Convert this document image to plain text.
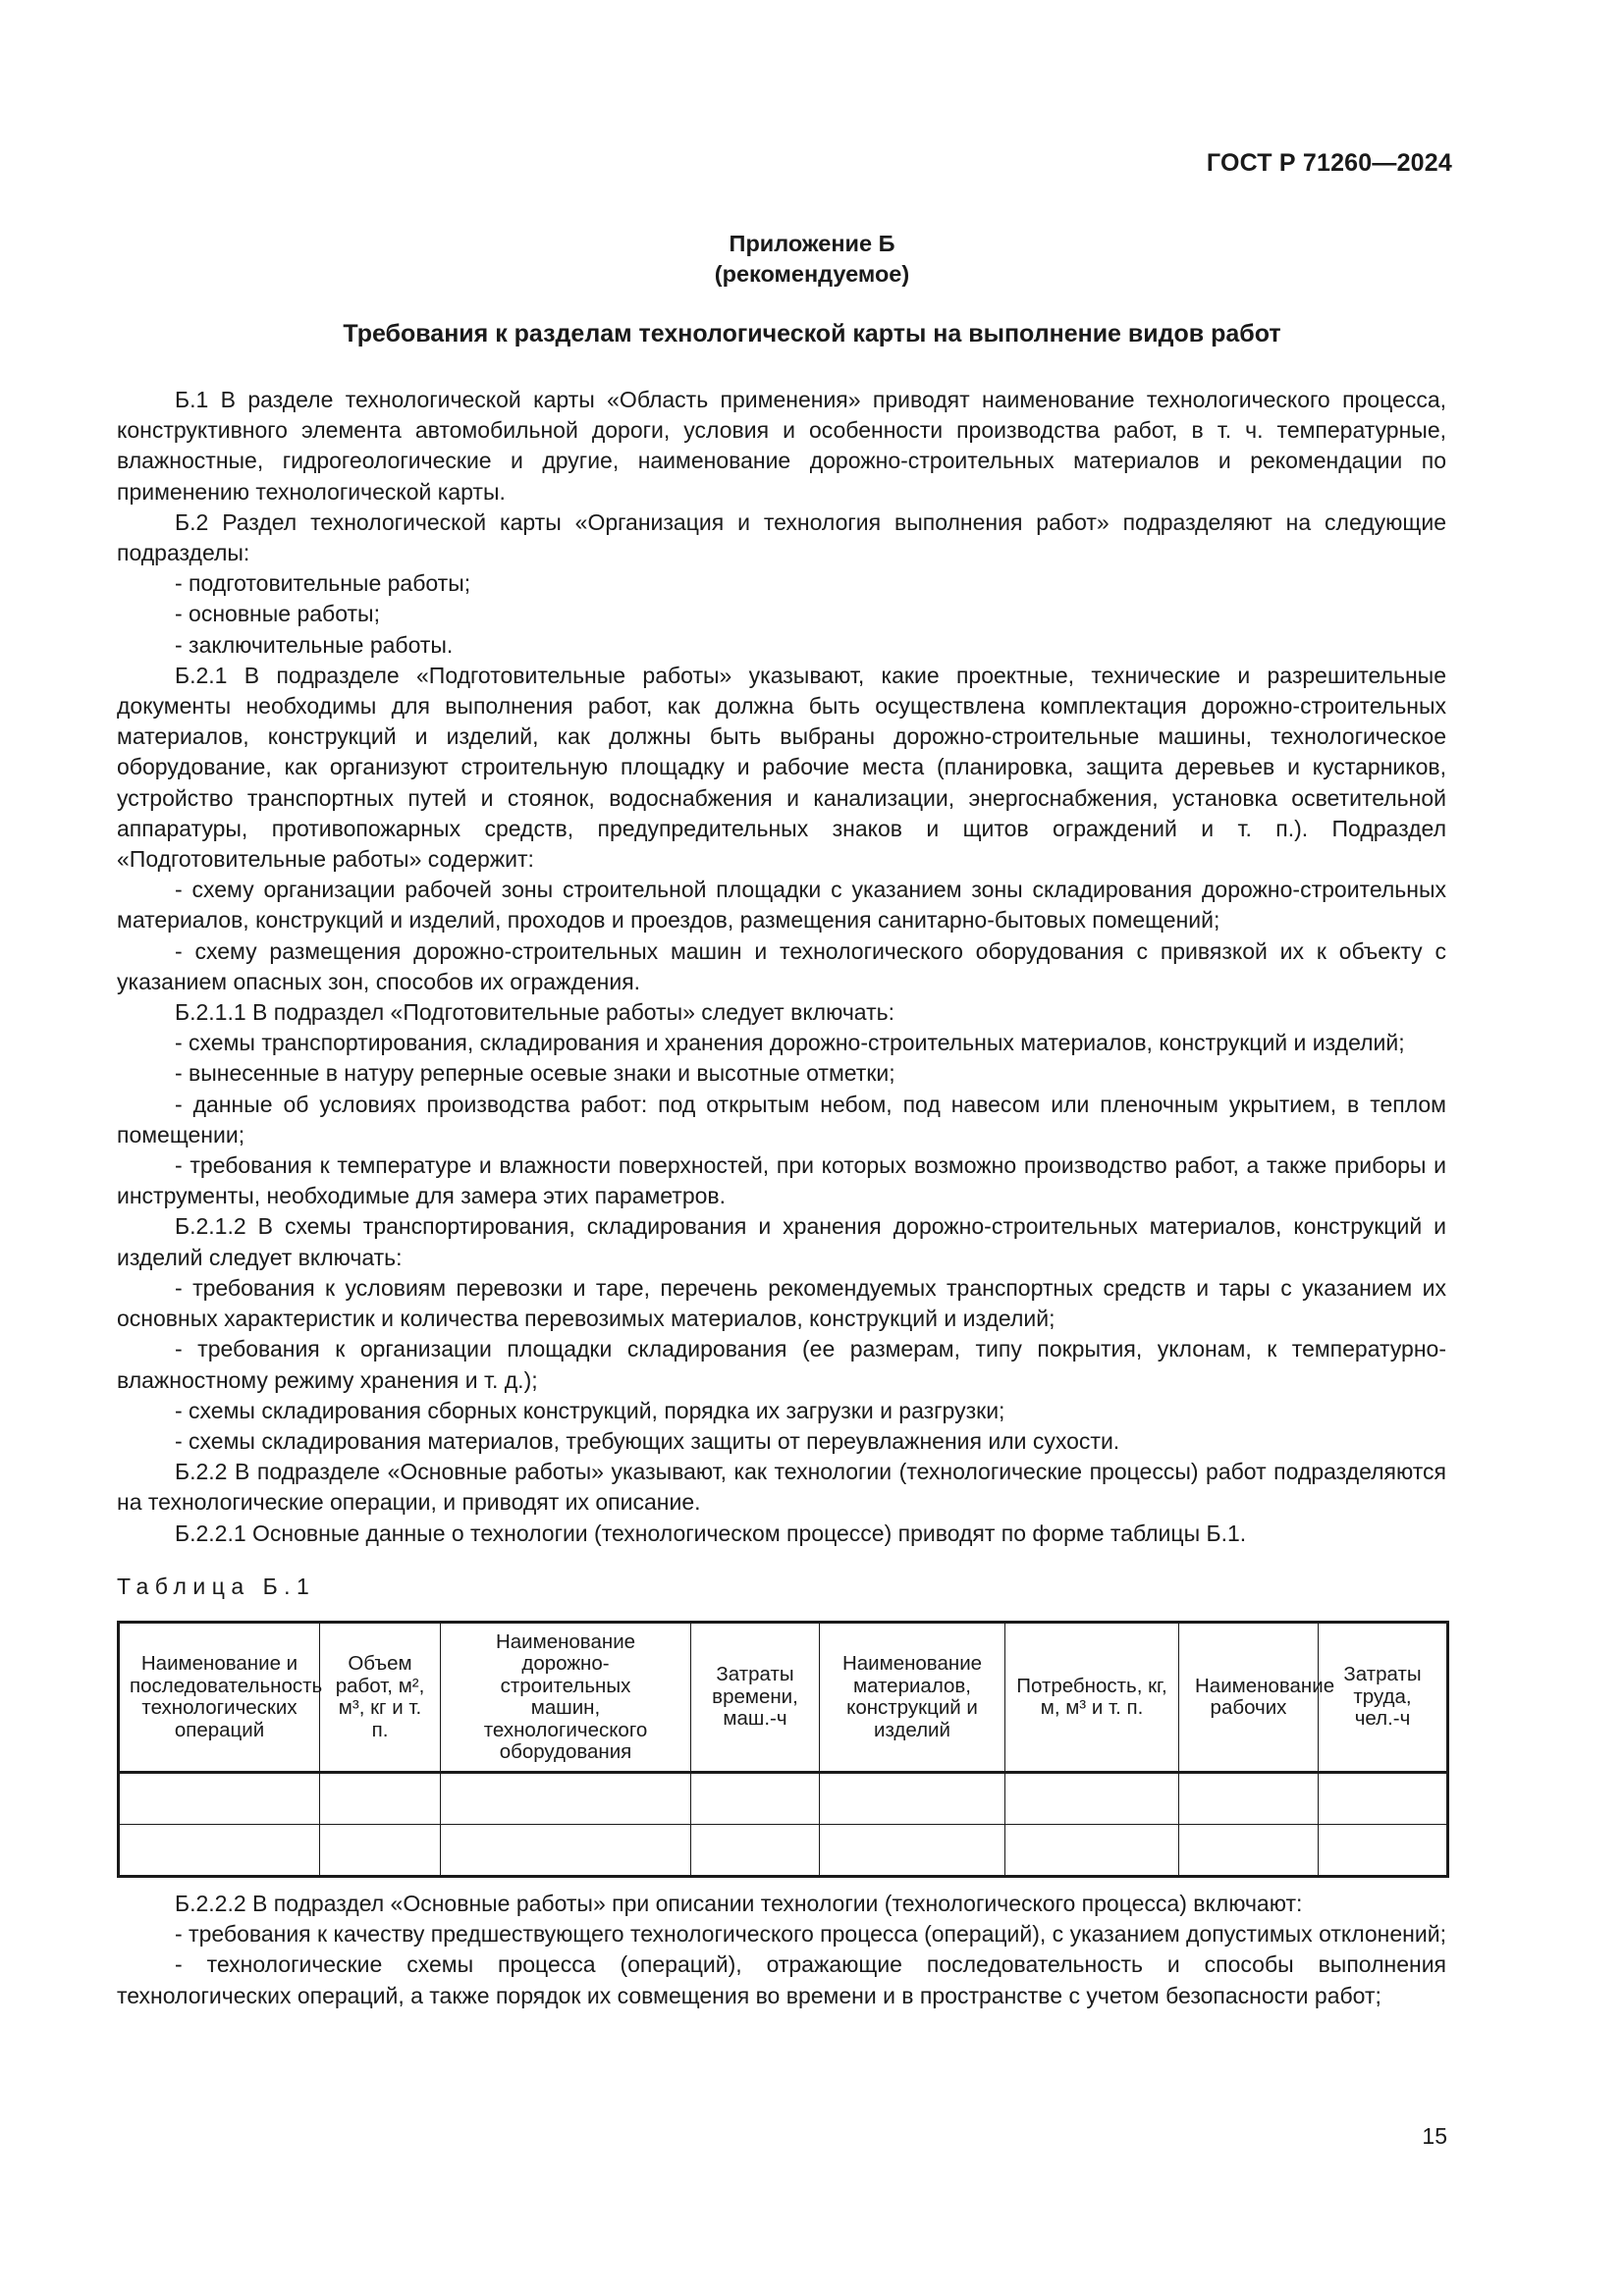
ГОСТ Р 71260—2024
Приложение Б
(рекомендуемое)
Требования к разделам технологической карты на выполнение видов работ

Б.1 В разделе технологической карты «Область применения» приводят наименование технологического процесса, конструктивного элемента автомобильной дороги, условия и особенности производства работ, в т. ч. температурные, влажностные, гидрогеологические и другие, наименование дорожно-строительных материалов и рекомендации по применению технологической карты.

Б.2 Раздел технологической карты «Организация и технология выполнения работ» подразделяют на следующие подразделы:

- подготовительные работы;

- основные работы;

- заключительные работы.

Б.2.1 В подразделе «Подготовительные работы» указывают, какие проектные, технические и разрешительные документы необходимы для выполнения работ, как должна быть осуществлена комплектация дорожно-строительных материалов, конструкций и изделий, как должны быть выбраны дорожно-строительные машины, технологическое оборудование, как организуют строительную площадку и рабочие места (планировка, защита деревьев и кустарников, устройство транспортных путей и стоянок, водоснабжения и канализации, энергоснабжения, установка осветительной аппаратуры, противопожарных средств, предупредительных знаков и щитов ограждений и т. п.). Подраздел «Подготовительные работы» содержит:

- схему организации рабочей зоны строительной площадки с указанием зоны складирования дорожно-строительных материалов, конструкций и изделий, проходов и проездов, размещения санитарно-бытовых помещений;

- схему размещения дорожно-строительных машин и технологического оборудования с привязкой их к объекту с указанием опасных зон, способов их ограждения.

Б.2.1.1 В подраздел «Подготовительные работы» следует включать:

- схемы транспортирования, складирования и хранения дорожно-строительных материалов, конструкций и изделий;

- вынесенные в натуру реперные осевые знаки и высотные отметки;

- данные об условиях производства работ: под открытым небом, под навесом или пленочным укрытием, в теплом помещении;

- требования к температуре и влажности поверхностей, при которых возможно производство работ, а также приборы и инструменты, необходимые для замера этих параметров.

Б.2.1.2 В схемы транспортирования, складирования и хранения дорожно-строительных материалов, конструкций и изделий следует включать:

- требования к условиям перевозки и таре, перечень рекомендуемых транспортных средств и тары с указанием их основных характеристик и количества перевозимых материалов, конструкций и изделий;

- требования к организации площадки складирования (ее размерам, типу покрытия, уклонам, к температурно-влажностному режиму хранения и т. д.);

- схемы складирования сборных конструкций, порядка их загрузки и разгрузки;

- схемы складирования материалов, требующих защиты от переувлажнения или сухости.

Б.2.2 В подразделе «Основные работы» указывают, как технологии (технологические процессы) работ подразделяются на технологические операции, и приводят их описание.

Б.2.2.1 Основные данные о технологии (технологическом процессе) приводят по форме таблицы Б.1.

Таблица Б.1
Наименование и последовательность технологических операций	Объем работ, м², м³, кг и т. п.	Наименование дорожно-строительных машин, технологического оборудования	Затраты времени, маш.-ч	Наименование материалов, конструкций и изделий	Потребность, кг, м, м³ и т. п.	Наименование рабочих	Затраты труда, чел.-ч

Б.2.2.2 В подраздел «Основные работы» при описании технологии (технологического процесса) включают:

- требования к качеству предшествующего технологического процесса (операций), с указанием допустимых отклонений;

- технологические схемы процесса (операций), отражающие последовательность и способы выполнения технологических операций, а также порядок их совмещения во времени и в пространстве с учетом безопасности работ;

15
